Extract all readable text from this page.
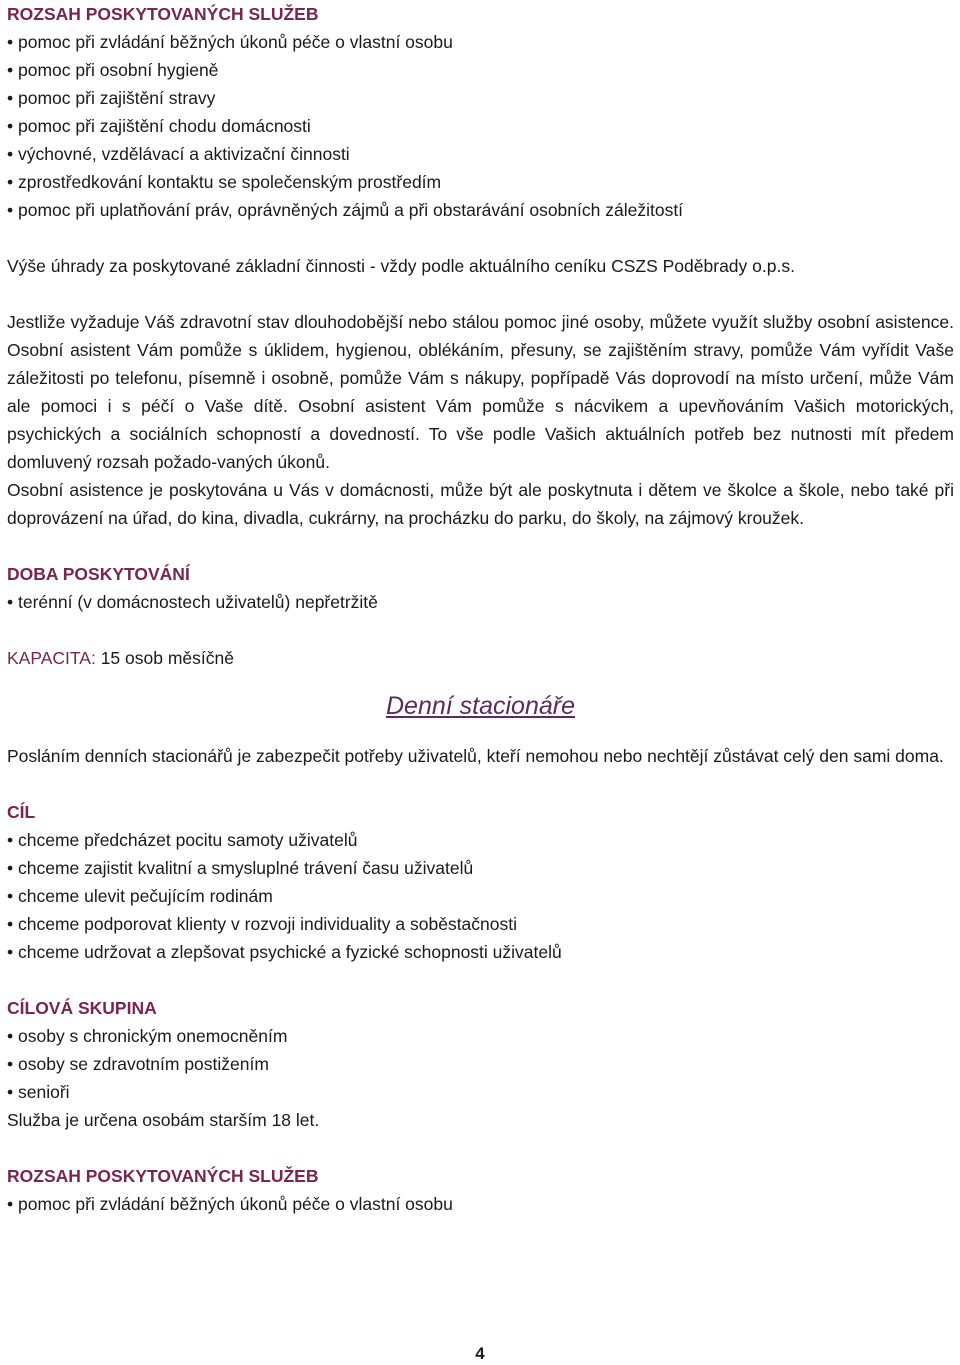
ROZSAH POSKYTOVANÝCH SLUŽEB
• pomoc při zvládání běžných úkonů péče o vlastní osobu
• pomoc při osobní hygieně
• pomoc při zajištění stravy
• pomoc při zajištění chodu domácnosti
• výchovné, vzdělávací a aktivizační činnosti
• zprostředkování kontaktu se společenským prostředím
• pomoc při uplatňování práv, oprávněných zájmů a při obstarávání osobních záležitostí

Výše úhrady za poskytované základní činnosti - vždy podle aktuálního ceníku CSZS Poděbrady o.p.s.

Jestliže vyžaduje Váš zdravotní stav dlouhodobější nebo stálou pomoc jiné osoby, můžete využít služby osobní asistence. Osobní asistent Vám pomůže s úklidem, hygienou, oblékáním, přesuny, se zajištěním stravy, pomůže Vám vyřídit Vaše záležitosti po telefonu, písemně i osobně, pomůže Vám s nákupy, popřípadě Vás doprovodí na místo určení, může Vám ale pomoci i s péčí o Vaše dítě. Osobní asistent Vám pomůže s nácvikem a upevňováním Vašich motorických, psychických a sociálních schopností a dovedností. To vše podle Vašich aktuálních potřeb bez nutnosti mít předem domluvený rozsah požado-vaných úkonů.

Osobní asistence je poskytována u Vás v domácnosti, může být ale poskytnuta i dětem ve školce a škole, nebo také při doprovázení na úřad, do kina, divadla, cukrárny, na procházku do parku, do školy, na zájmový kroužek.

DOBA POSKYTOVÁNÍ
• terénní (v domácnostech uživatelů) nepřetržitě

KAPACITA: 15 osob měsíčně

Denní stacionáře

Posláním denních stacionářů je zabezpečit potřeby uživatelů, kteří nemohou nebo nechtějí zůstávat celý den sami doma.

CÍL
• chceme předcházet pocitu samoty uživatelů
• chceme zajistit kvalitní a smysluplné trávení času uživatelů
• chceme ulevit pečujícím rodinám
• chceme podporovat klienty v rozvoji individuality a soběstačnosti
• chceme udržovat a zlepšovat psychické a fyzické schopnosti uživatelů
CÍLOVÁ SKUPINA
• osoby s chronickým onemocněním
• osoby se zdravotním postižením
• senioři

Služba je určena osobám starším 18 let.

ROZSAH POSKYTOVANÝCH SLUŽEB
• pomoc při zvládání běžných úkonů péče o vlastní osobu
4
